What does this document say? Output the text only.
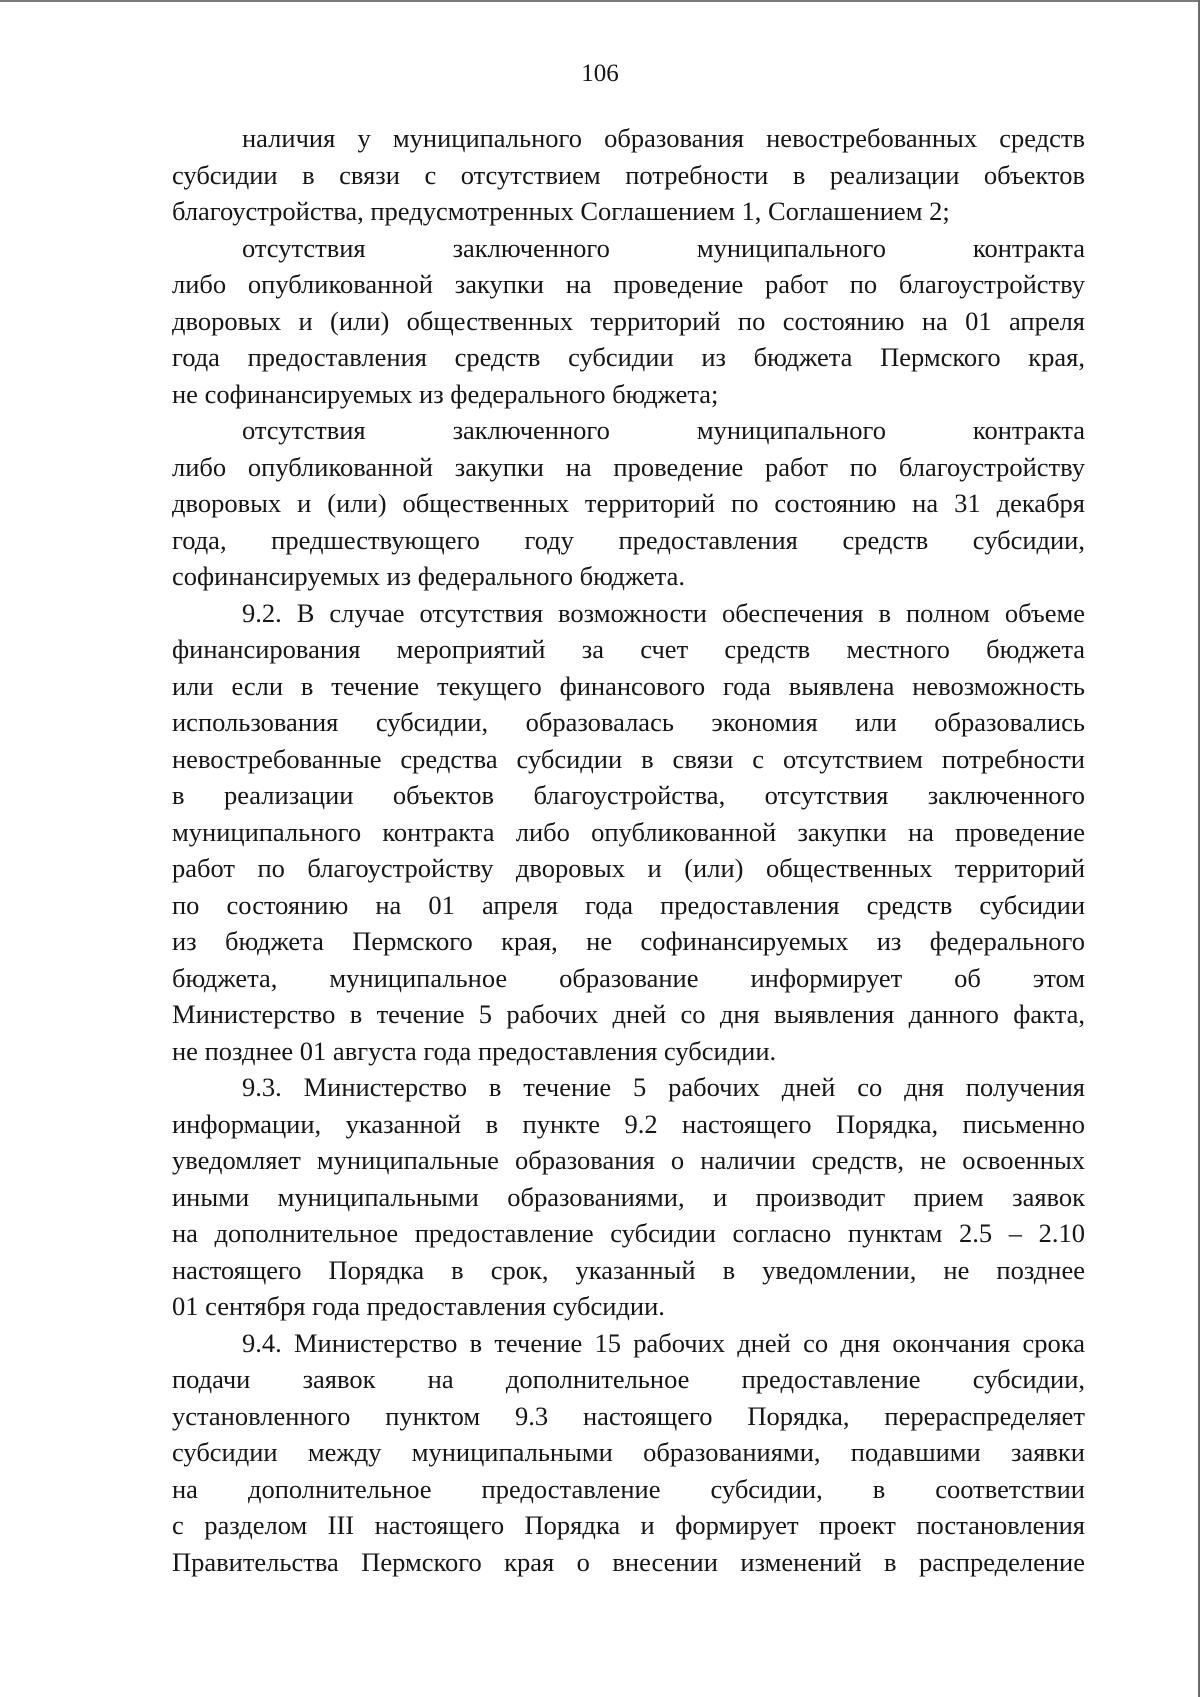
106
наличия у муниципального образования невостребованных средств
субсидии в связи с отсутствием потребности в реализации объектов
благоустройства, предусмотренных Соглашением 1, Соглашением 2;
отсутствия заключенного муниципального контракта
либо опубликованной закупки на проведение работ по благоустройству
дворовых и (или) общественных территорий по состоянию на 01 апреля
года предоставления средств субсидии из бюджета Пермского края,
не софинансируемых из федерального бюджета;
отсутствия заключенного муниципального контракта
либо опубликованной закупки на проведение работ по благоустройству
дворовых и (или) общественных территорий по состоянию на 31 декабря
года, предшествующего году предоставления средств субсидии,
софинансируемых из федерального бюджета.
9.2. В случае отсутствия возможности обеспечения в полном объеме
финансирования мероприятий за счет средств местного бюджета
или если в течение текущего финансового года выявлена невозможность
использования субсидии, образовалась экономия или образовались
невостребованные средства субсидии в связи с отсутствием потребности
в реализации объектов благоустройства, отсутствия заключенного
муниципального контракта либо опубликованной закупки на проведение
работ по благоустройству дворовых и (или) общественных территорий
по состоянию на 01 апреля года предоставления средств субсидии
из бюджета Пермского края, не софинансируемых из федерального
бюджета, муниципальное образование информирует об этом
Министерство в течение 5 рабочих дней со дня выявления данного факта,
не позднее 01 августа года предоставления субсидии.
9.3. Министерство в течение 5 рабочих дней со дня получения
информации, указанной в пункте 9.2 настоящего Порядка, письменно
уведомляет муниципальные образования о наличии средств, не освоенных
иными муниципальными образованиями, и производит прием заявок
на дополнительное предоставление субсидии согласно пунктам 2.5 – 2.10
настоящего Порядка в срок, указанный в уведомлении, не позднее
01 сентября года предоставления субсидии.
9.4. Министерство в течение 15 рабочих дней со дня окончания срока
подачи заявок на дополнительное предоставление субсидии,
установленного пунктом 9.3 настоящего Порядка, перераспределяет
субсидии между муниципальными образованиями, подавшими заявки
на дополнительное предоставление субсидии, в соответствии
с разделом III настоящего Порядка и формирует проект постановления
Правительства Пермского края о внесении изменений в распределение
